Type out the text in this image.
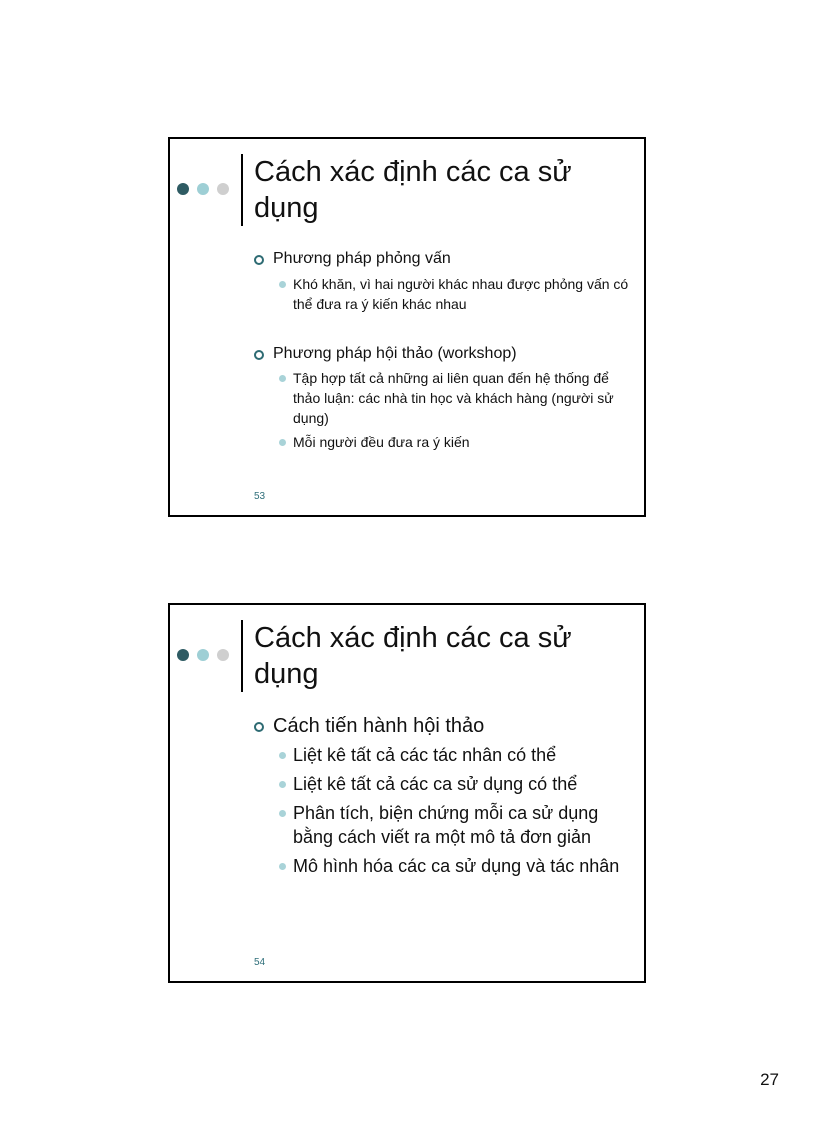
Cách xác định các ca sử dụng
Phương pháp phỏng vấn
Khó khăn, vì hai người khác nhau được phỏng vấn có thể đưa ra ý kiến khác nhau
Phương pháp hội thảo (workshop)
Tập hợp tất cả những ai liên quan đến hệ thống để thảo luận: các nhà tin học và khách hàng (người sử dụng)
Mỗi người đều đưa ra ý kiến
53
Cách xác định các ca sử dụng
Cách tiến hành hội thảo
Liệt kê tất cả các tác nhân có thể
Liệt kê tất cả các ca sử dụng có thể
Phân tích, biện chứng mỗi ca sử dụng bằng cách viết ra một mô tả đơn giản
Mô hình hóa các ca sử dụng và tác nhân
54
27
